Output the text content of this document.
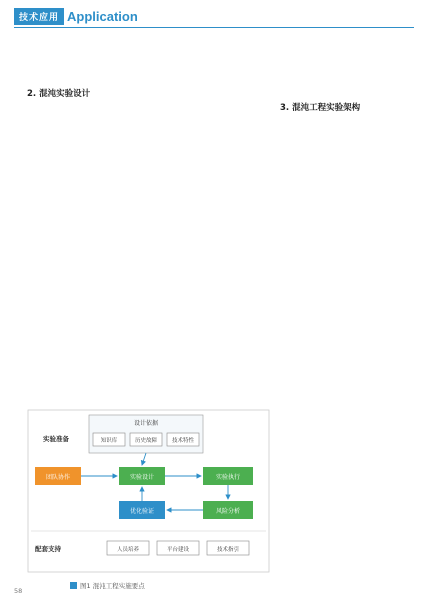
技术应用 Application
2. 混沌实验设计
3. 混沌工程实验架构
设计依据
知识库	历史故障	技术特性
实验准备
团队协作	实验设计	实验执行
优化验证	风险分析
配套支持	人员培养	平台建设	技术指引
图1 混沌工程实施要点
58
